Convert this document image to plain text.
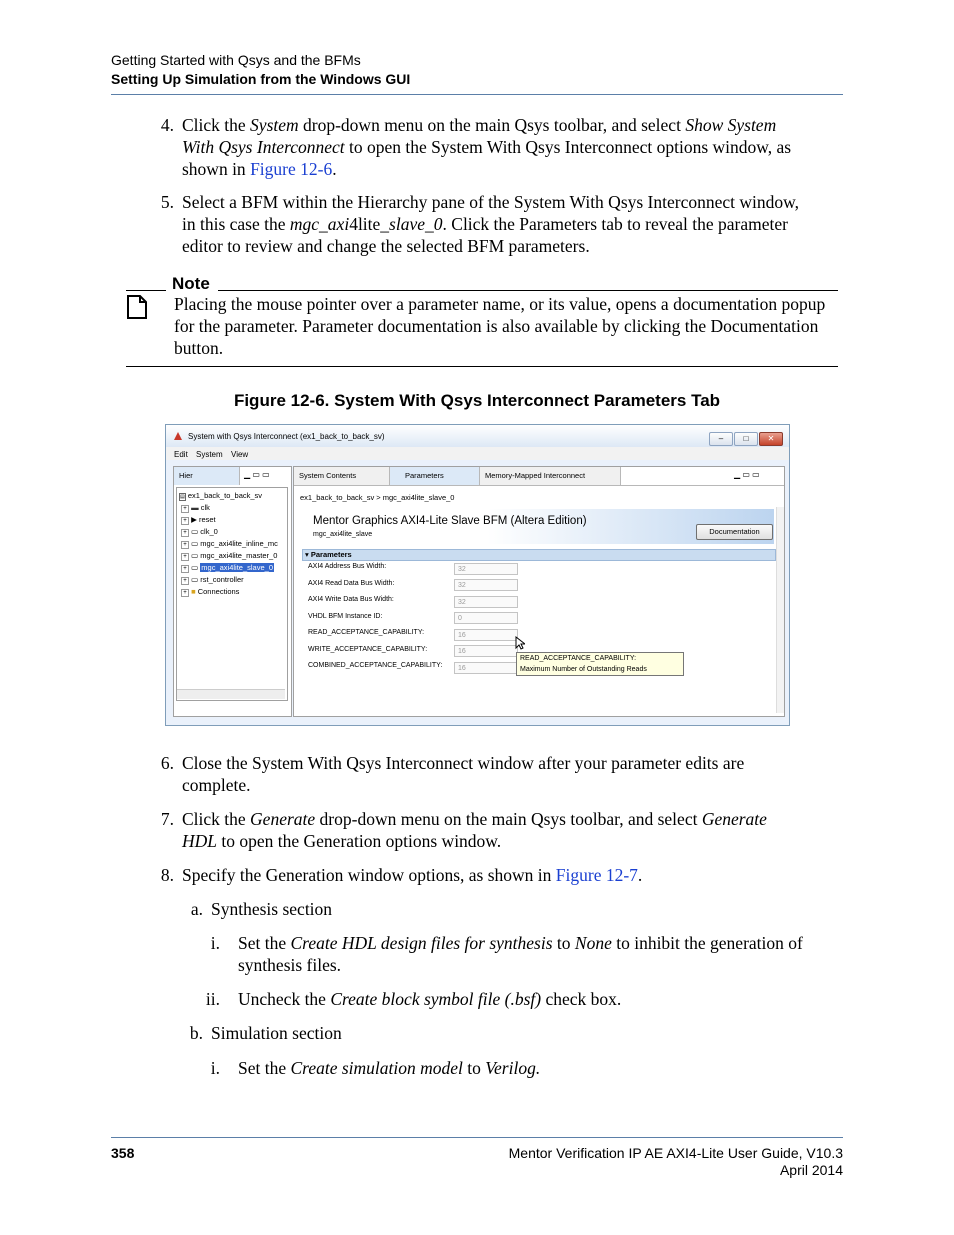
Getting Started with Qsys and the BFMs
Setting Up Simulation from the Windows GUI
4. Click the System drop-down menu on the main Qsys toolbar, and select Show System
With Qsys Interconnect to open the System With Qsys Interconnect options window, as
shown in Figure 12-6.
5. Select a BFM within the Hierarchy pane of the System With Qsys Interconnect window,
in this case the mgc_axi4lite_slave_0. Click the Parameters tab to reveal the parameter
editor to review and change the selected BFM parameters.
Note
Placing the mouse pointer over a parameter name, or its value, opens a documentation popup for the parameter. Parameter documentation is also available by clicking the Documentation button.
Figure 12-6. System With Qsys Interconnect Parameters Tab
System with Qsys Interconnect (ex1_back_to_back_sv)	–	□	✕
Edit System View
Hier	▁ ▭ ▭
▤ ex1_back_to_back_sv
+ ▬ clk
+ ▶ reset
+ ▭ clk_0
+ ▭ mgc_axi4lite_inline_mc
+ ▭ mgc_axi4lite_master_0
+ ▭ mgc_axi4lite_slave_0
+ ▭ rst_controller
+ ■ Connections
System Contents	Parameters	Memory-Mapped Interconnect	▁ ▭ ▭
ex1_back_to_back_sv > mgc_axi4lite_slave_0
Mentor Graphics AXI4-Lite Slave BFM (Altera Edition)
mgc_axi4lite_slave	Documentation
▾ Parameters
AXI4 Address Bus Width:	32
AXI4 Read Data Bus Width:	32
AXI4 Write Data Bus Width:	32
VHDL BFM Instance ID:	0
READ_ACCEPTANCE_CAPABILITY:	16
WRITE_ACCEPTANCE_CAPABILITY:	16
COMBINED_ACCEPTANCE_CAPABILITY:	16
READ_ACCEPTANCE_CAPABILITY:
Maximum Number of Outstanding Reads
6. Close the System With Qsys Interconnect window after your parameter edits are
complete.
7. Click the Generate drop-down menu on the main Qsys toolbar, and select Generate
HDL to open the Generation options window.
8. Specify the Generation window options, as shown in Figure 12-7.
a. Synthesis section
i. Set the Create HDL design files for synthesis to None to inhibit the generation of
synthesis files.
ii. Uncheck the Create block symbol file (.bsf) check box.
b. Simulation section
i. Set the Create simulation model to Verilog.
358	Mentor Verification IP AE AXI4-Lite User Guide, V10.3
April 2014
